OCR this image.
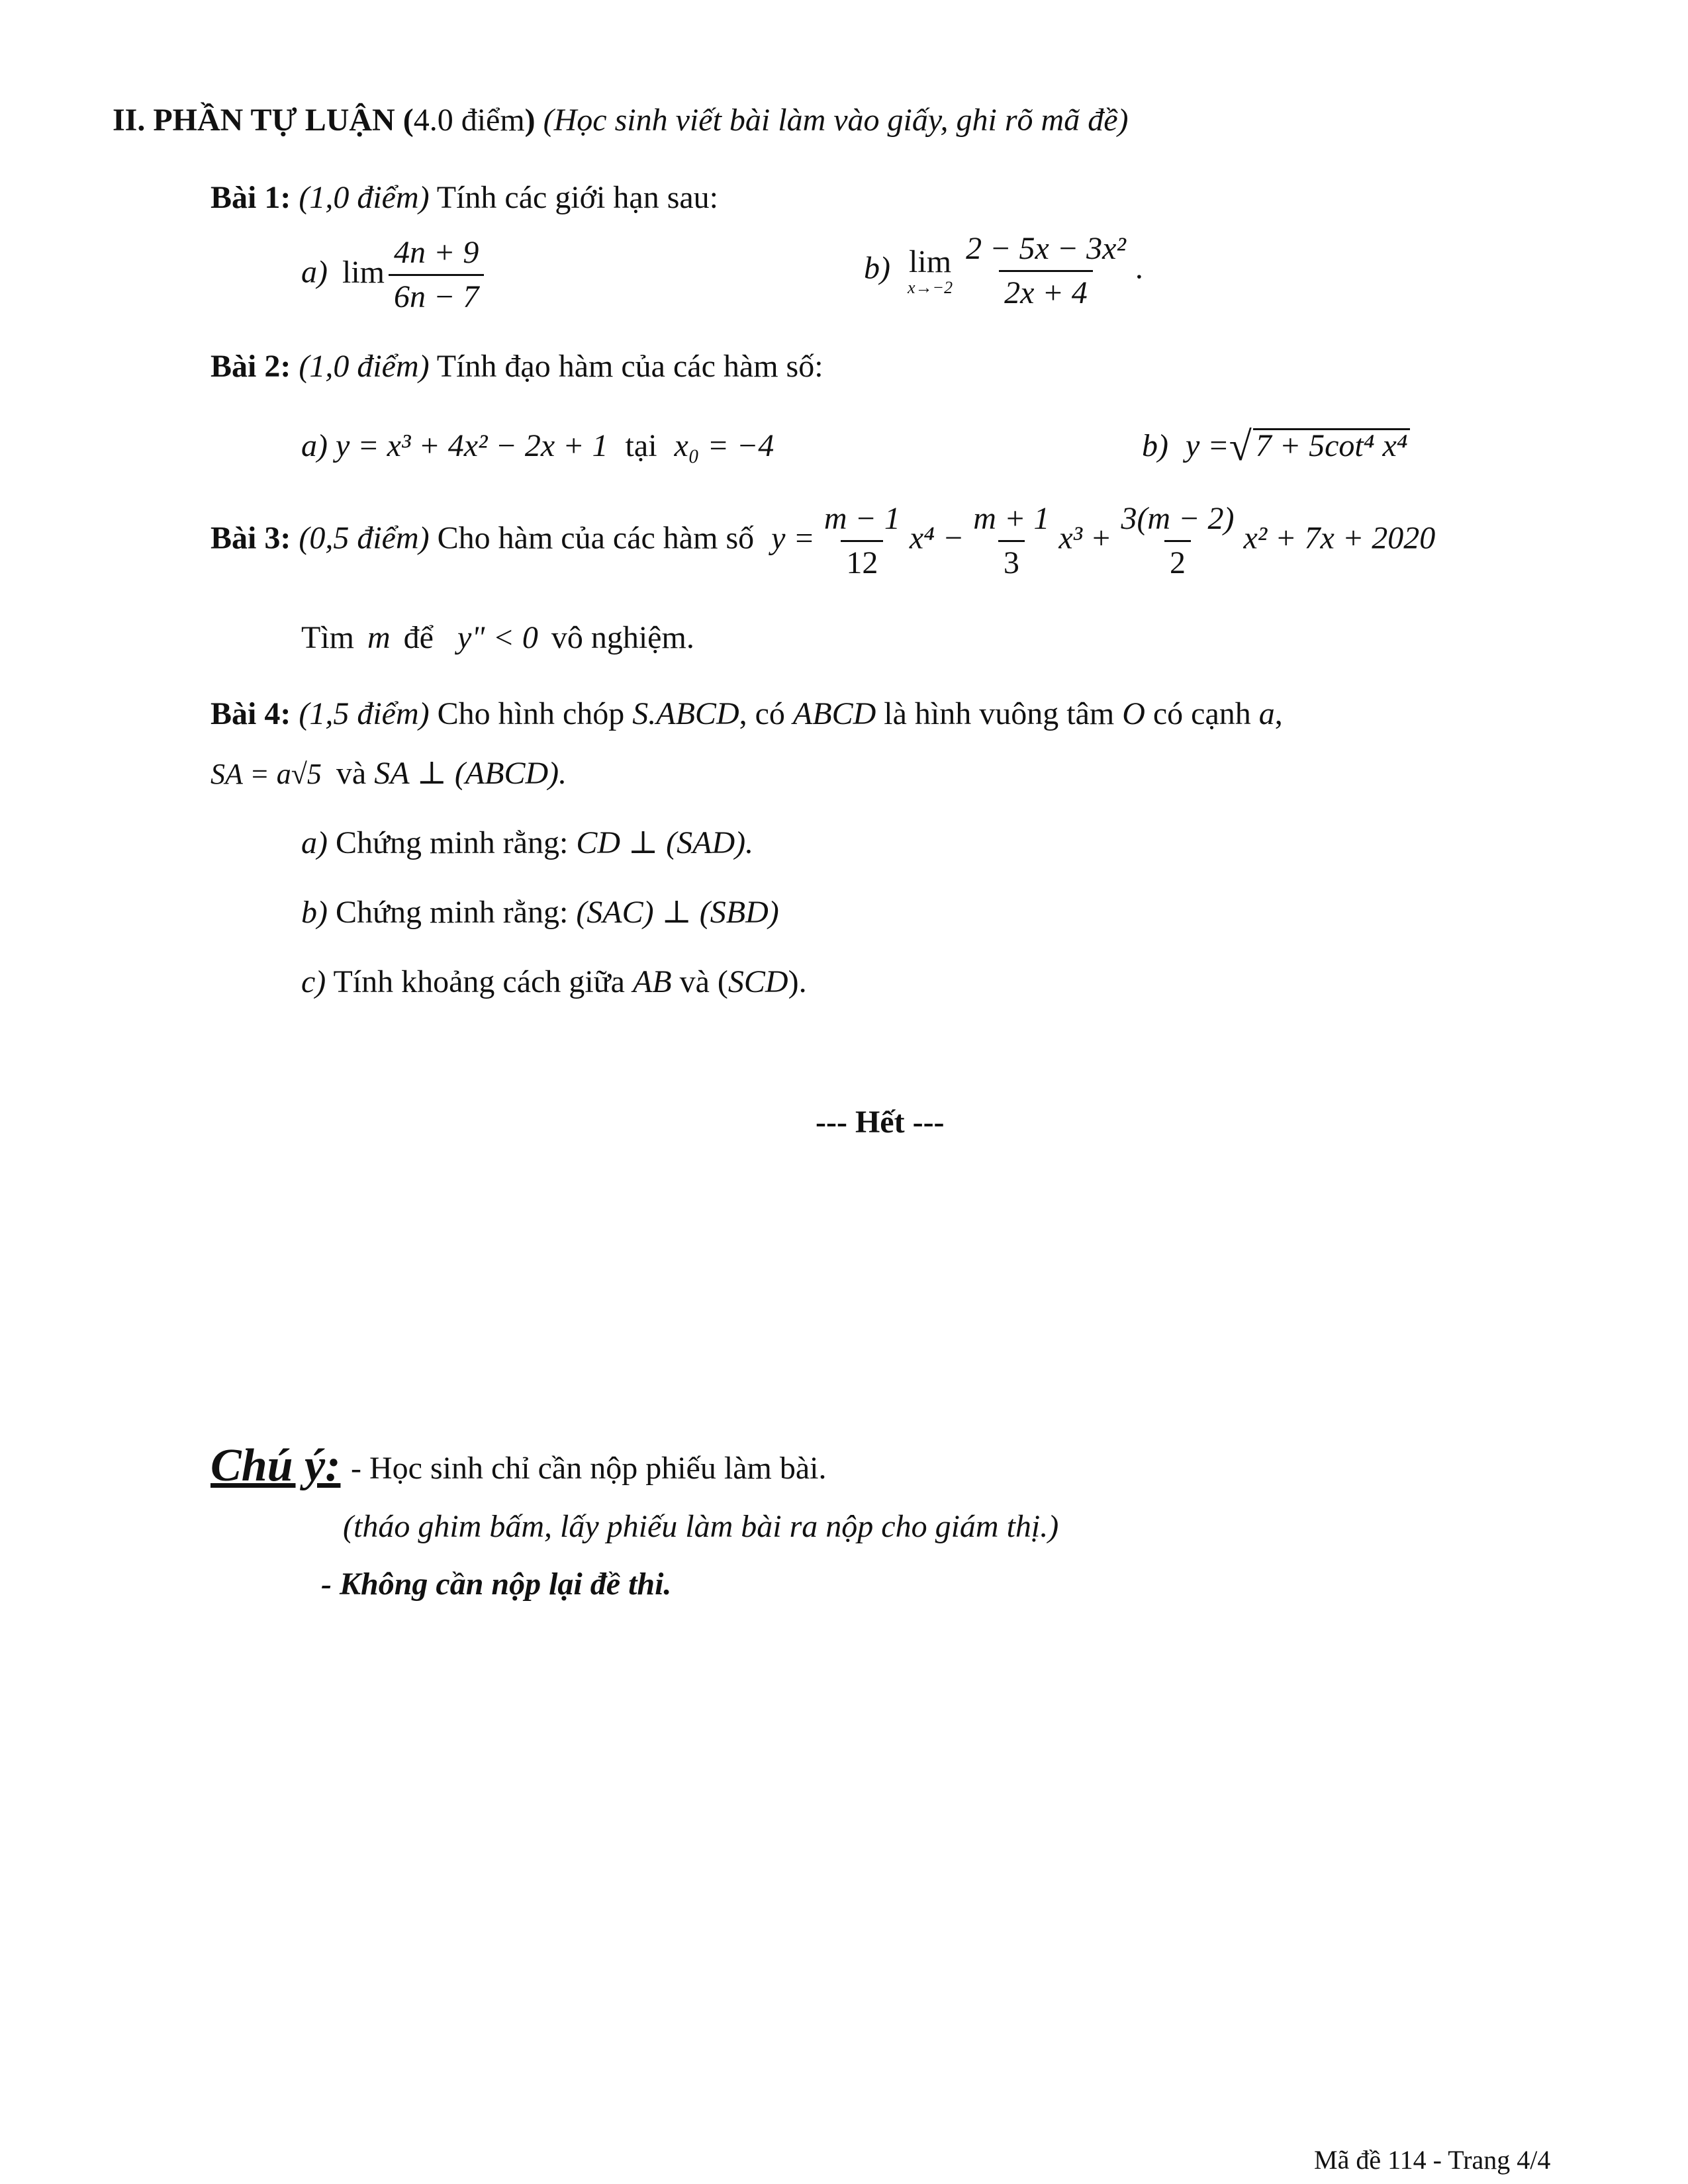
II. PHẦN TỰ LUẬN (4.0 điểm) (Học sinh viết bài làm vào giấy, ghi rõ mã đề)
Bài 1: (1,0 điểm) Tính các giới hạn sau:
a) $\lim \frac{4n + 9}{6n - 7}$	b) lim
$x\to-2 \frac{\text{2 − 5x − 3x²}}{2x + 4}$ .
Bài 2: (1,0 điểm) Tính đạo hàm của các hàm số:
a) y = x³ + 4x² − 2x + 1 tại x₀ = −4	b) y =√ 7 + 5cot⁴ x⁴
Bài 3: (0,5 điểm) Cho hàm của các hàm số $y = \frac{m - 1}{12} x^4 - \frac{m + 1}{3} x^3 + \frac{3(m - 2)}{2} x^2 + 7x + 2020$
Tìm m để y" < 0 vô nghiệm.
Bài 4: (1,5 điểm) Cho hình chóp S.ABCD, có ABCD là hình vuông tâm O có cạnh a,
SA = a√5 và SA ⊥ (ABCD).
a) Chứng minh rằng: CD ⊥ (SAD).
b) Chứng minh rằng: (SAC) ⊥ (SBD)
c) Tính khoảng cách giữa AB và (SCD).
--- Hết ---
Chú ý: - Học sinh chỉ cần nộp phiếu làm bài.
(tháo ghim bấm, lấy phiếu làm bài ra nộp cho giám thị.)
- Không cần nộp lại đề thi.
Mã đề 114 - Trang 4/4
